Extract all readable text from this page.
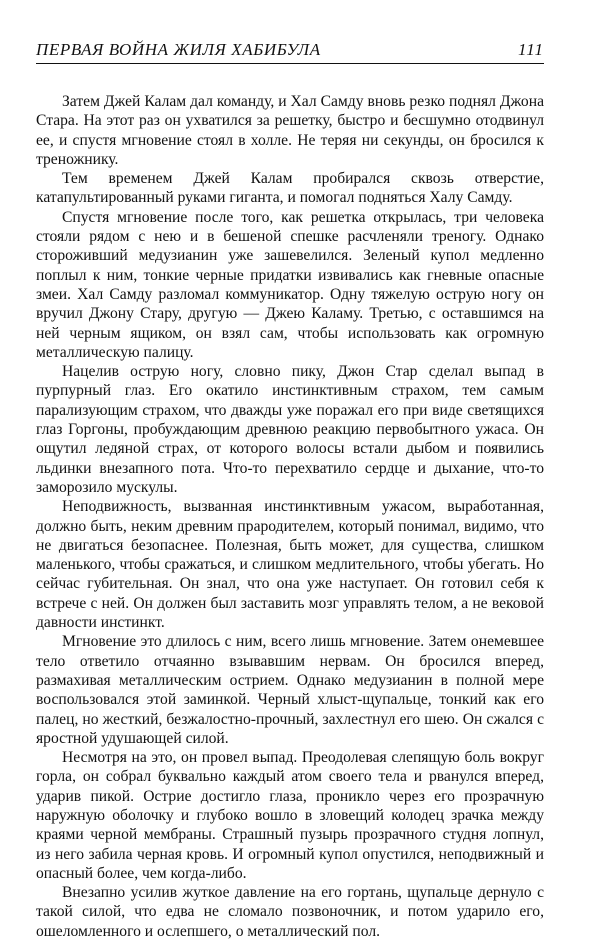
ПЕРВАЯ ВОЙНА ЖИЛЯ ХАБИБУЛА	111

Затем Джей Калам дал команду, и Хал Самду вновь резко поднял Джона Стара. На этот раз он ухватился за решетку, быстро и бесшумно отодвинул ее, и спустя мгновение стоял в холле. Не теряя ни секунды, он бросился к треножнику.

Тем временем Джей Калам пробирался сквозь отверстие, катапультированный руками гиганта, и помогал подняться Халу Самду.

Спустя мгновение после того, как решетка открылась, три человека стояли рядом с нею и в бешеной спешке расчленяли треногу. Однако стороживший медузианин уже зашевелился. Зеленый купол медленно поплыл к ним, тонкие черные придатки извивались как гневные опасные змеи. Хал Самду разломал коммуникатор. Одну тяжелую острую ногу он вручил Джону Стару, другую — Джею Каламу. Третью, с оставшимся на ней черным ящиком, он взял сам, чтобы использовать как огромную металлическую палицу.

Нацелив острую ногу, словно пику, Джон Стар сделал выпад в пурпурный глаз. Его окатило инстинктивным страхом, тем самым парализующим страхом, что дважды уже поражал его при виде светящихся глаз Горгоны, пробуждающим древнюю реакцию первобытного ужаса. Он ощутил ледяной страх, от которого волосы встали дыбом и появились льдинки внезапного пота. Что-то перехватило сердце и дыхание, что-то заморозило мускулы.

Неподвижность, вызванная инстинктивным ужасом, выработанная, должно быть, неким древним прародителем, который понимал, видимо, что не двигаться безопаснее. Полезная, быть может, для существа, слишком маленького, чтобы сражаться, и слишком медлительного, чтобы убегать. Но сейчас губительная. Он знал, что она уже наступает. Он готовил себя к встрече с ней. Он должен был заставить мозг управлять телом, а не вековой давности инстинкт.

Мгновение это длилось с ним, всего лишь мгновение. Затем онемевшее тело ответило отчаянно взывавшим нервам. Он бросился вперед, размахивая металлическим острием. Однако медузианин в полной мере воспользовался этой заминкой. Черный хлыст-щупальце, тонкий как его палец, но жесткий, безжалостно-прочный, захлестнул его шею. Он сжался с яростной удушающей силой.

Несмотря на это, он провел выпад. Преодолевая слепящую боль вокруг горла, он собрал буквально каждый атом своего тела и рванулся вперед, ударив пикой. Острие достигло глаза, проникло через его прозрачную наружную оболочку и глубоко вошло в зловещий колодец зрачка между краями черной мембраны. Страшный пузырь прозрачного студня лопнул, из него забила черная кровь. И огромный купол опустился, неподвижный и опасный более, чем когда-либо.

Внезапно усилив жуткое давление на его гортань, щупальце дернуло с такой силой, что едва не сломало позвоночник, и потом ударило его, ошеломленного и ослепшего, о металлический пол.
